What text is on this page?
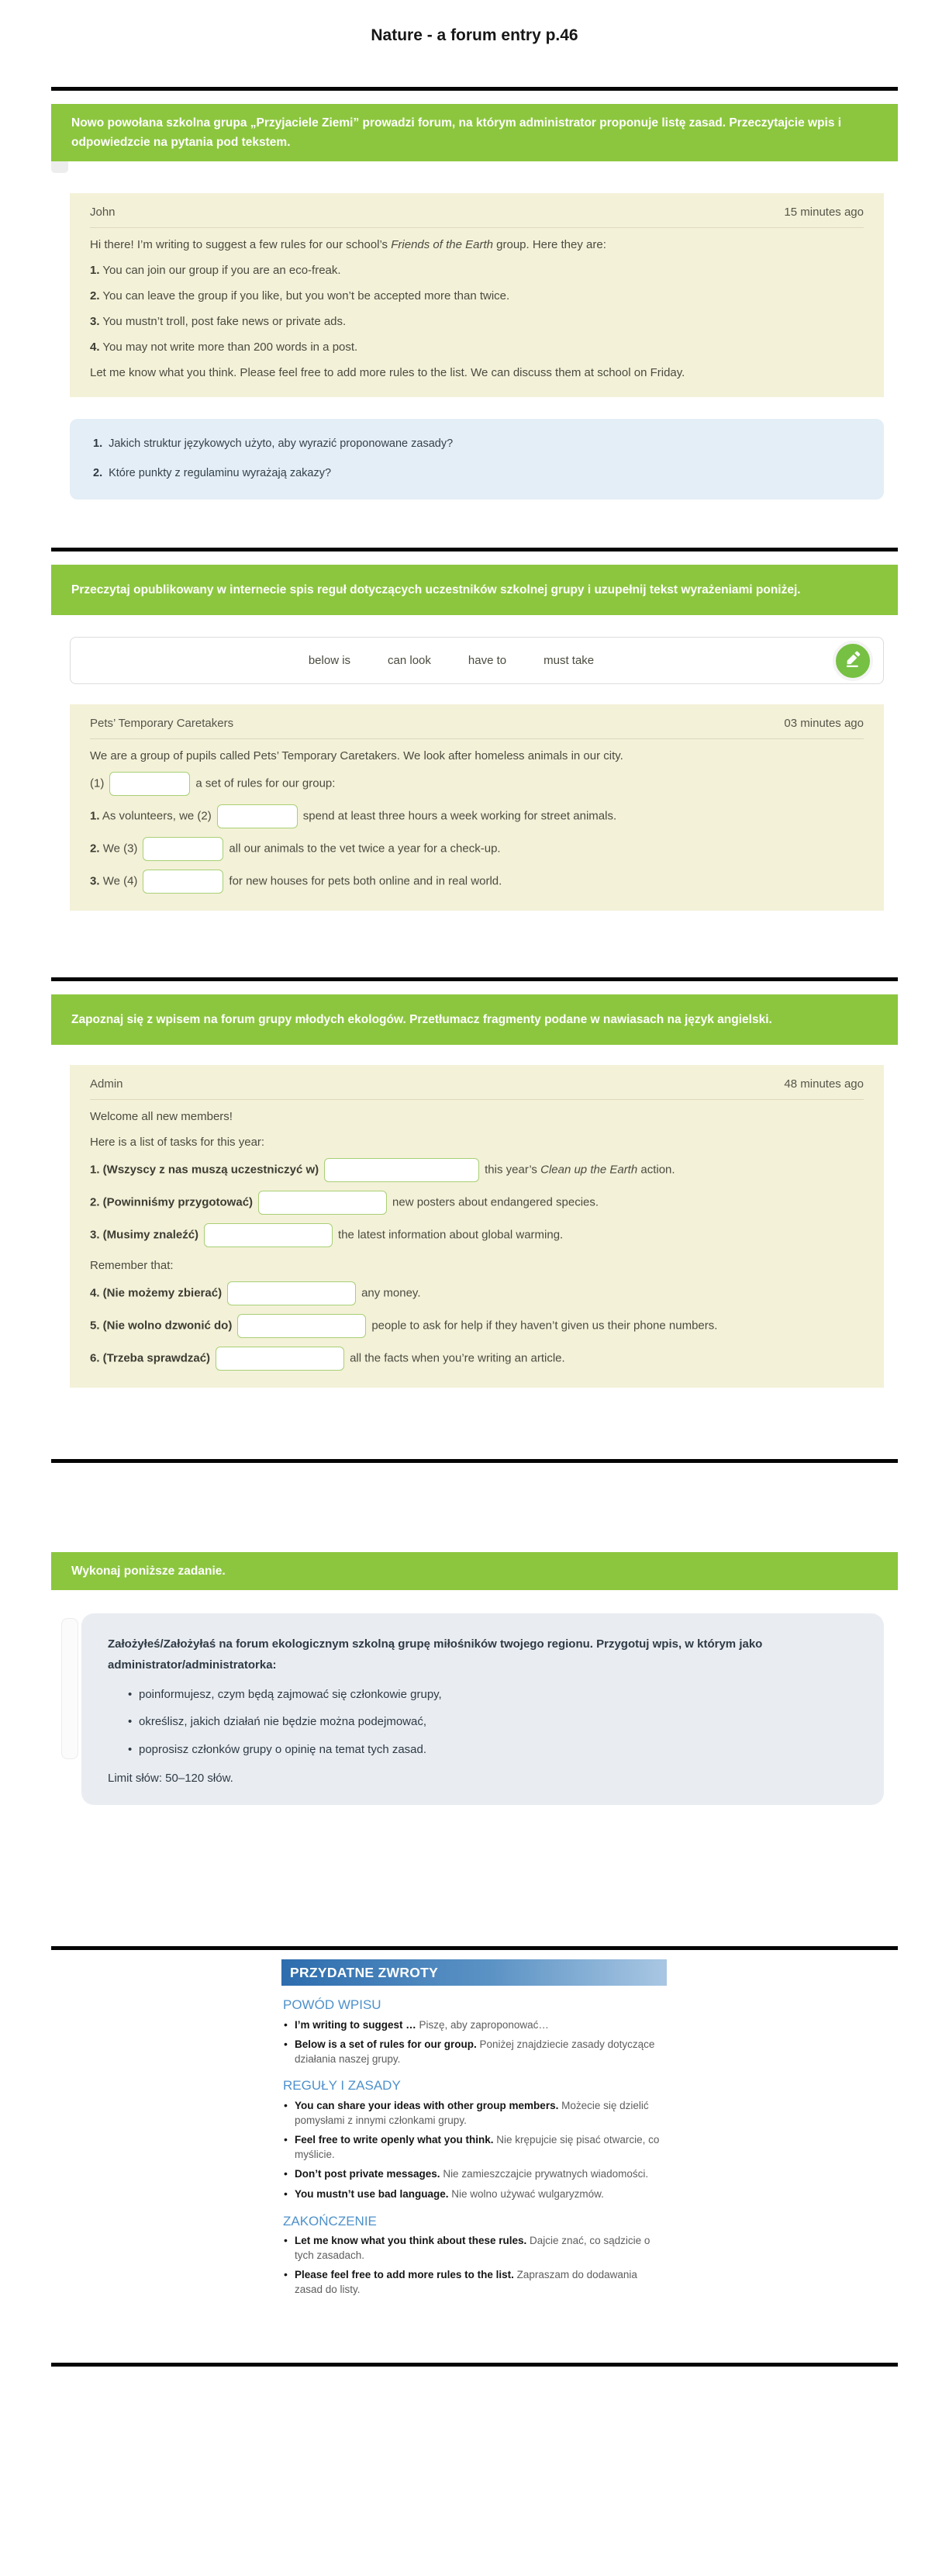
Nature - a forum entry p.46
Nowo powołana szkolna grupa „Przyjaciele Ziemi” prowadzi forum, na którym administrator proponuje listę zasad. Przeczytajcie wpis i odpowiedzcie na pytania pod tekstem.
John	15 minutes ago

Hi there! I’m writing to suggest a few rules for our school’s Friends of the Earth group. Here they are:

1. You can join our group if you are an eco-freak.

2. You can leave the group if you like, but you won’t be accepted more than twice.

3. You mustn’t troll, post fake news or private ads.

4. You may not write more than 200 words in a post.

Let me know what you think. Please feel free to add more rules to the list. We can discuss them at school on Friday.

1. Jakich struktur językowych użyto, aby wyrazić proponowane zasady?

2. Które punkty z regulaminu wyrażają zakazy?

Przeczytaj opublikowany w internecie spis reguł dotyczących uczestników szkolnej grupy i uzupełnij tekst wyrażeniami poniżej.
below is	can look	have to	must take
Pets’ Temporary Caretakers	03 minutes ago

We are a group of pupils called Pets’ Temporary Caretakers. We look after homeless animals in our city.

(1)	a set of rules for our group:

1. As volunteers, we (2)	spend at least three hours a week working for street animals.

2. We (3)	all our animals to the vet twice a year for a check-up.

3. We (4)	for new houses for pets both online and in real world.

Zapoznaj się z wpisem na forum grupy młodych ekologów. Przetłumacz fragmenty podane w nawiasach na język angielski.
Admin	48 minutes ago

Welcome all new members!

Here is a list of tasks for this year:

1. (Wszyscy z nas muszą uczestniczyć w)	this year’s Clean up the Earth action.

2. (Powinniśmy przygotować)	new posters about endangered species.

3. (Musimy znaleźć)	the latest information about global warming.

Remember that:

4. (Nie możemy zbierać)	any money.

5. (Nie wolno dzwonić do)	people to ask for help if they haven’t given us their phone numbers.

6. (Trzeba sprawdzać)	all the facts when you’re writing an article.

Wykonaj poniższe zadanie.

Założyłeś/Założyłaś na forum ekologicznym szkolną grupę miłośników twojego regionu. Przygotuj wpis, w którym jako administrator/administratorka:

• poinformujesz, czym będą zajmować się członkowie grupy,
• określisz, jakich działań nie będzie można podejmować,
• poprosisz członków grupy o opinię na temat tych zasad.

Limit słów: 50–120 słów.

PRZYDATNE ZWROTY
POWÓD WPISU

• I’m writing to suggest … Piszę, aby zaproponować…

• Below is a set of rules for our group. Poniżej znajdziecie zasady dotyczące działania naszej grupy.

REGUŁY I ZASADY

• You can share your ideas with other group members. Możecie się dzielić pomysłami z innymi członkami grupy.

• Feel free to write openly what you think. Nie krępujcie się pisać otwarcie, co myślicie.

• Don’t post private messages. Nie zamieszczajcie prywatnych wiadomości.

• You mustn’t use bad language. Nie wolno używać wulgaryzmów.

ZAKOŃCZENIE

• Let me know what you think about these rules. Dajcie znać, co sądzicie o tych zasadach.

• Please feel free to add more rules to the list. Zapraszam do dodawania zasad do listy.
